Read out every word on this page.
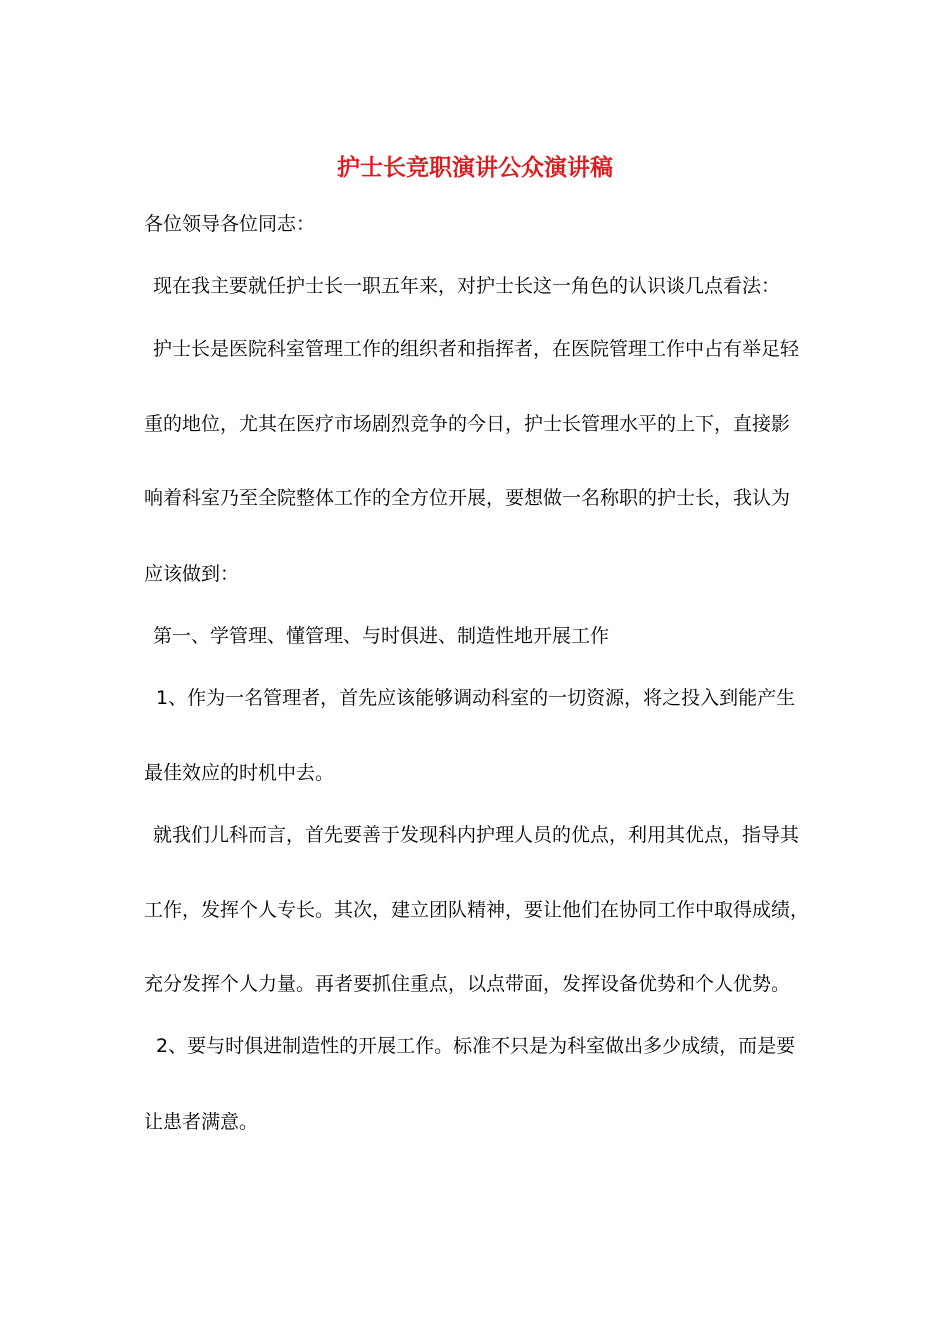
护士长竞职演讲公众演讲稿
各位领导各位同志：
现在我主要就任护士长一职五年来，对护士长这一角色的认识谈几点看法：
护士长是医院科室管理工作的组织者和指挥者，在医院管理工作中占有举足轻
重的地位，尤其在医疗市场剧烈竞争的今日，护士长管理水平的上下，直接影
响着科室乃至全院整体工作的全方位开展，要想做一名称职的护士长，我认为
应该做到：
第一、学管理、懂管理、与时俱进、制造性地开展工作
1、作为一名管理者，首先应该能够调动科室的一切资源，将之投入到能产生
最佳效应的时机中去。
就我们儿科而言，首先要善于发现科内护理人员的优点，利用其优点，指导其
工作，发挥个人专长。其次，建立团队精神，要让他们在协同工作中取得成绩，
充分发挥个人力量。再者要抓住重点，以点带面，发挥设备优势和个人优势。
2、要与时俱进制造性的开展工作。标准不只是为科室做出多少成绩，而是要
让患者满意。
